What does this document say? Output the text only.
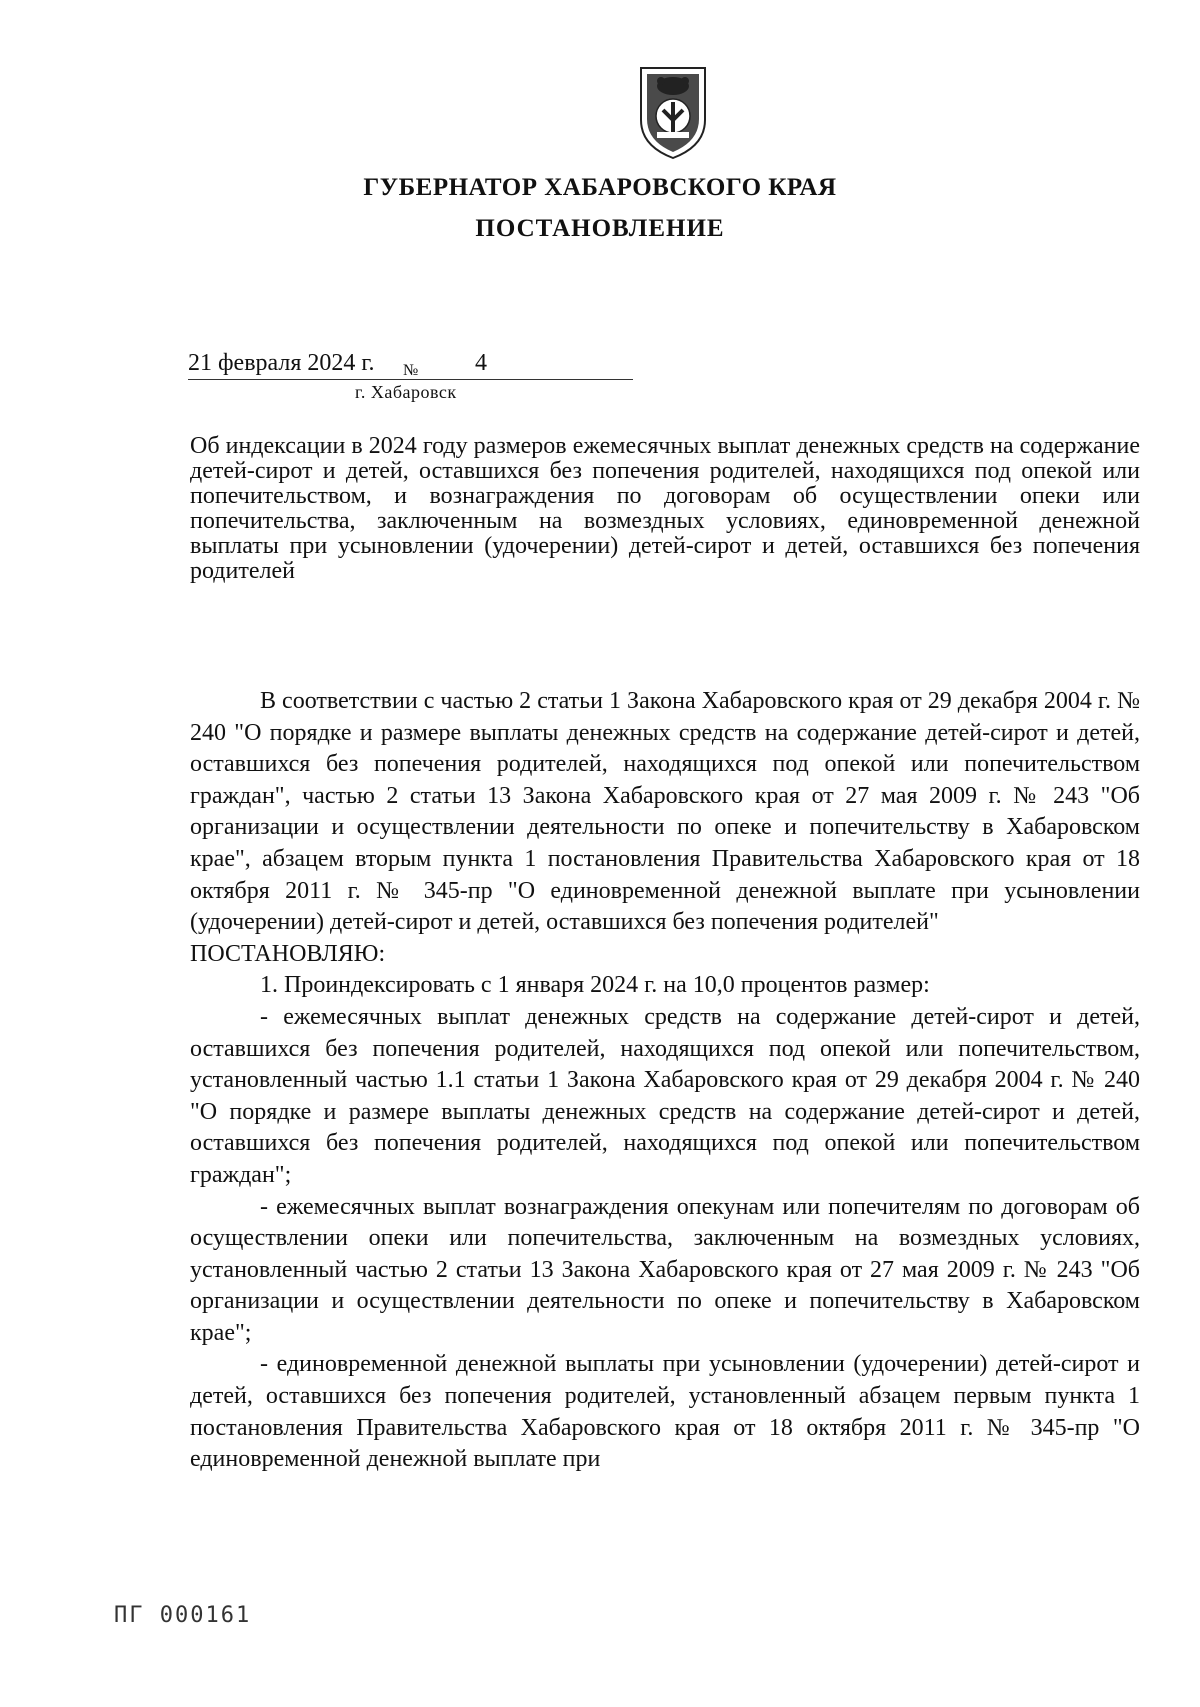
ГУБЕРНАТОР ХАБАРОВСКОГО КРАЯ
ПОСТАНОВЛЕНИЕ
21 февраля 2024 г. № 4
г. Хабаровск
Об индексации в 2024 году размеров ежемесячных выплат денежных средств на содержание детей-сирот и детей, оставшихся без попечения родителей, находящихся под опекой или попечительством, и вознаграждения по договорам об осуществлении опеки или попечительства, заключенным на возмездных условиях, единовременной денежной выплаты при усыновлении (удочерении) детей-сирот и детей, оставшихся без попечения родителей

В соответствии с частью 2 статьи 1 Закона Хабаровского края от 29 декабря 2004 г. № 240 "О порядке и размере выплаты денежных средств на содержание детей-сирот и детей, оставшихся без попечения родителей, находящихся под опекой или попечительством граждан", частью 2 статьи 13 Закона Хабаровского края от 27 мая 2009 г. № 243 "Об организации и осуществлении деятельности по опеке и попечительству в Хабаровском крае", абзацем вторым пункта 1 постановления Правительства Хабаровского края от 18 октября 2011 г. № 345-пр "О единовременной денежной выплате при усыновлении (удочерении) детей-сирот и детей, оставшихся без попечения родителей"

ПОСТАНОВЛЯЮ:

1. Проиндексировать с 1 января 2024 г. на 10,0 процентов размер:

- ежемесячных выплат денежных средств на содержание детей-сирот и детей, оставшихся без попечения родителей, находящихся под опекой или попечительством, установленный частью 1.1 статьи 1 Закона Хабаровского края от 29 декабря 2004 г. № 240 "О порядке и размере выплаты денежных средств на содержание детей-сирот и детей, оставшихся без попечения родителей, находящихся под опекой или попечительством граждан";

- ежемесячных выплат вознаграждения опекунам или попечителям по договорам об осуществлении опеки или попечительства, заключенным на возмездных условиях, установленный частью 2 статьи 13 Закона Хабаровского края от 27 мая 2009 г. № 243 "Об организации и осуществлении деятельности по опеке и попечительству в Хабаровском крае";

- единовременной денежной выплаты при усыновлении (удочерении) детей-сирот и детей, оставшихся без попечения родителей, установленный абзацем первым пункта 1 постановления Правительства Хабаровского края от 18 октября 2011 г. № 345-пр "О единовременной денежной выплате при

ПГ 000161
